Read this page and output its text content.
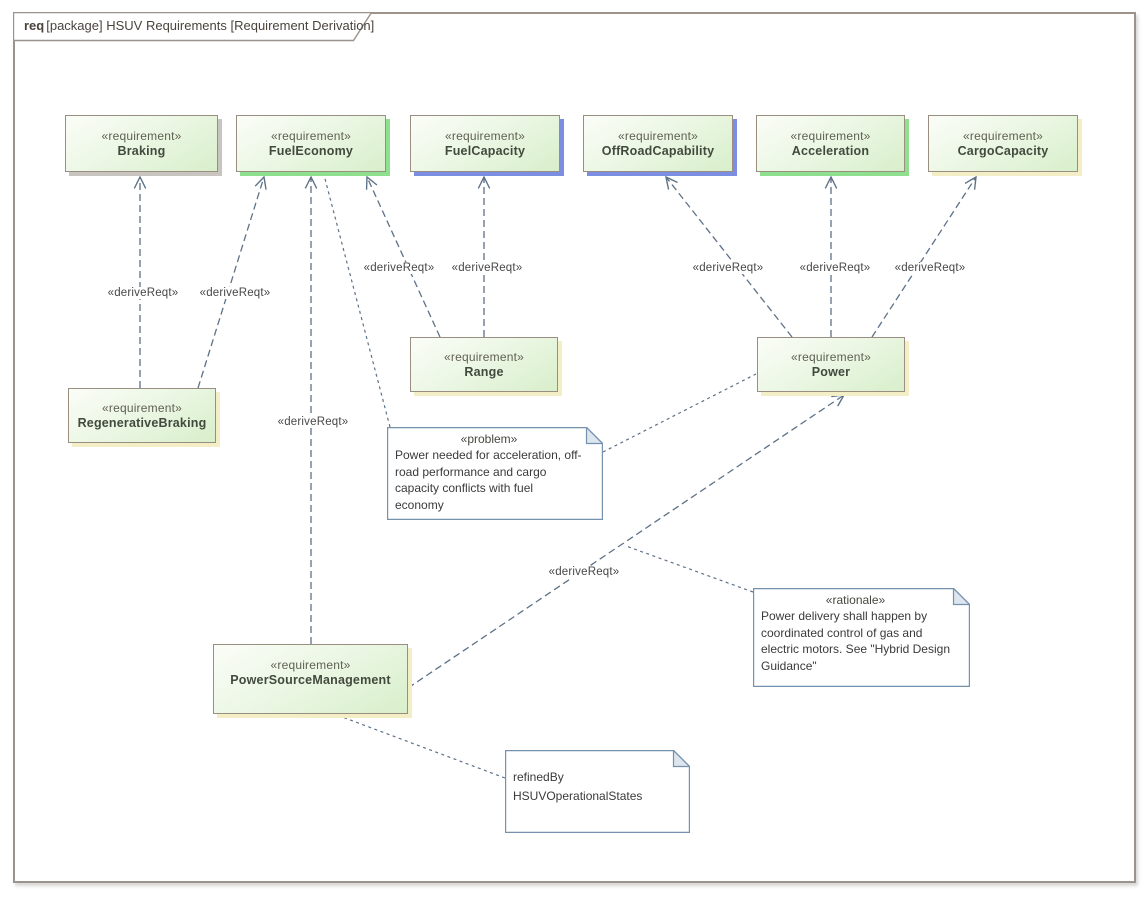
req [package] HSUV Requirements [Requirement Derivation]
«requirement»
Braking
«requirement»
FuelEconomy
«requirement»
FuelCapacity
«requirement»
OffRoadCapability
«requirement»
Acceleration
«requirement»
CargoCapacity
«requirement»
RegenerativeBraking
«requirement»
Range
«requirement»
Power
«requirement»
PowerSourceManagement
«problem»
Power needed for acceleration, off-road performance and cargo capacity conflicts with fuel economy
«rationale»
Power delivery shall happen by coordinated control of gas and electric motors. See "Hybrid Design Guidance"
refinedBy
HSUVOperationalStates
«deriveReqt» «deriveReqt»
«deriveReqt»
«deriveReqt» «deriveReqt»	«deriveReqt»	«deriveReqt» «deriveReqt»
«deriveReqt»
